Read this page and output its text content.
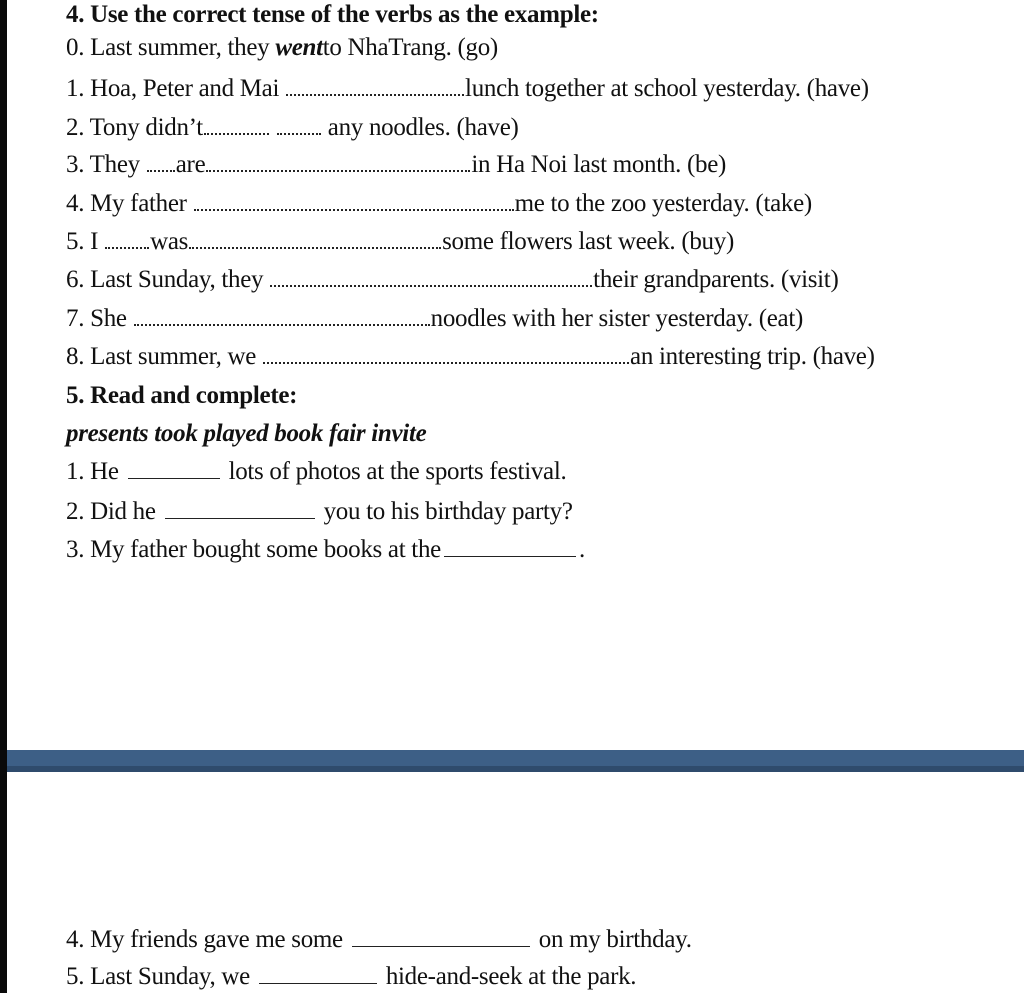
4. Use the correct tense of the verbs as the example:
0. Last summer, they wentto NhaTrang. (go)
1. Hoa, Peter and Mai	lunch together at school yesterday. (have)
2. Tony didn’t	any noodles. (have)
3. They are	in Ha Noi last month. (be)
4. My father	me to the zoo yesterday. (take)
5. I was	some flowers last week. (buy)
6. Last Sunday, they	their grandparents. (visit)
7. She	noodles with her sister yesterday. (eat)
8. Last summer, we	an interesting trip. (have)
5. Read and complete:
presents took played book fair invite
1. He	lots of photos at the sports festival.
2. Did he	you to his birthday party?
3. My father bought some books at the	.
4. My friends gave me some	on my birthday.
5. Last Sunday, we	hide-and-seek at the park.
